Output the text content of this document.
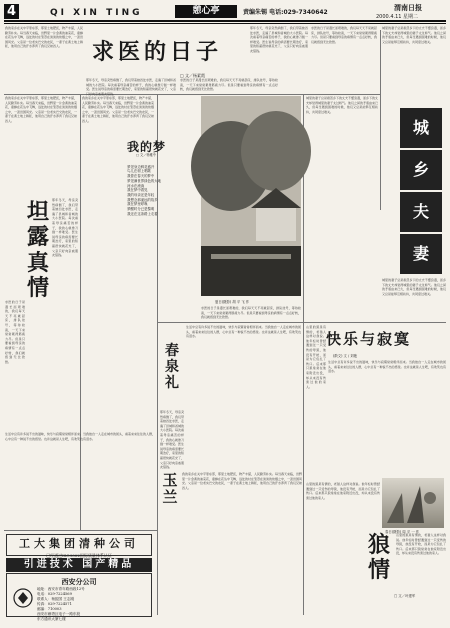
4	QI XIN TING	憩心亭	责编朱锡 电话:029-7340642
渭南日报
2000.4.11 星期二
求医的日子
□ 文／杨素霞
我的家乡在关中平原东部，那里土地肥沃，物产丰富，人民勤劳朴实。每当春天来临，田野里一片金黄的油菜花，蜜蜂在花丛中飞舞，远处的村庄笼罩在淡淡的炊烟之中，一派田园风光。父亲是一位老实巴交的农民，一辈子在黄土地上耕耘，他用自己的汗水养育了我们兄妹四人。
那年冬天，母亲突然病倒了，我们带着她四处求医，走遍了县城和省城的大小医院。每次看着母亲痛苦的样子，我的心就像刀割一样难受。医生说母亲的病需要长期治疗，家里的积蓄很快就花光了，父亲只好向亲戚朋友借钱。
求医的日子是漫长而艰难的，我们每天天不亮就起床，排队挂号，等待检查，一天下来常常累得筋疲力尽。但是只要看到母亲的病情有一点点好转，我们就感到无比欣慰。
那年冬天，母亲突然病倒了，我们带着她四处求医，走遍了县城和省城的大小医院。每次看着母亲痛苦的样子，我的心就像刀割一样难受。医生说母亲的病需要长期治疗，家里的积蓄很快就花光了，父亲只好向亲戚朋友借钱。
求医的日子是漫长而艰难的，我们每天天不亮就起床，排队挂号，等待检查，一天下来常常累得筋疲力尽。但是只要看到母亲的病情有一点点好转，我们就感到无比欣慰。
城
乡
夫
妻
城里的妻子总是抱怨乡下的丈夫不懂浪漫，而乡下的丈夫却觉得城里的妻子太过娇气。他们之间的矛盾由来已久，但每当遇到困难的时候，他们又总是能够互相扶持，共同度过难关。
城里的妻子总是抱怨乡下的丈夫不懂浪漫，而乡下的丈夫却觉得城里的妻子太过娇气。他们之间的矛盾由来已久，但每当遇到困难的时候，他们又总是能够互相扶持，共同度过难关。
城里的妻子总是抱怨乡下的丈夫不懂浪漫，而乡下的丈夫却觉得城里的妻子太过娇气。他们之间的矛盾由来已久，但每当遇到困难的时候，他们又总是能够互相扶持，共同度过难关。
坦露真情
我的家乡在关中平原东部，那里土地肥沃，物产丰富，人民勤劳朴实。每当春天来临，田野里一片金黄的油菜花，蜜蜂在花丛中飞舞，远处的村庄笼罩在淡淡的炊烟之中，一派田园风光。父亲是一位老实巴交的农民，一辈子在黄土地上耕耘，他用自己的汗水养育了我们兄妹四人。
那年冬天，母亲突然病倒了，我们带着她四处求医，走遍了县城和省城的大小医院。每次看着母亲痛苦的样子，我的心就像刀割一样难受。医生说母亲的病需要长期治疗，家里的积蓄很快就花光了，父亲只好向亲戚朋友借钱。
求医的日子是漫长而艰难的，我们每天天不亮就起床，排队挂号，等待检查，一天下来常常累得筋疲力尽。但是只要看到母亲的病情有一点点好转，我们就感到无比欣慰。
我的家乡在关中平原东部，那里土地肥沃，物产丰富，人民勤劳朴实。每当春天来临，田野里一片金黄的油菜花，蜜蜂在花丛中飞舞，远处的村庄笼罩在淡淡的炊烟之中，一派田园风光。父亲是一位老实巴交的农民，一辈子在黄土地上耕耘，他用自己的汗水养育了我们兄妹四人。
生活中总有许多说不出的滋味，快乐与寂寞常常相伴而来。当我独自一人走在城市的街头，看着来来往往的人群，心中总有一种说不出的感觉。也许这就是人生吧，有欢笑也有泪水。
我的梦
□ 文／杨雅中

梦见身边鲜花盛开
鸟儿在树上唱歌
我曾在春天的梦中
梦见满世界绿色的大地
河水在流淌
我在梦中看见
我的母亲还是年轻
我想念那遥远的故乡
我在梦里呼唤
梦醒时分已是黎明
我还在这条路上走着

夏日(摄影) 胡 平 飞 作
求医的日子是漫长而艰难的，我们每天天不亮就起床，排队挂号，等待检查，一天下来常常累得筋疲力尽。但是只要看到母亲的病情有一点点好转，我们就感到无比欣慰。
春泉礼
生活中总有许多说不出的滋味，快乐与寂寞常常相伴而来。当我独自一人走在城市的街头，看着来来往往的人群，心中总有一种说不出的感觉。也许这就是人生吧，有欢笑也有泪水。
那年冬天，母亲突然病倒了，我们带着她四处求医，走遍了县城和省城的大小医院。每次看着母亲痛苦的样子，我的心就像刀割一样难受。医生说母亲的病需要长期治疗，家里的积蓄很快就花光了，父亲只好向亲戚朋友借钱。
玉兰
我的家乡在关中平原东部，那里土地肥沃，物产丰富，人民勤劳朴实。每当春天来临，田野里一片金黄的油菜花，蜜蜂在花丛中飞舞，远处的村庄笼罩在淡淡的炊烟之中，一派田园风光。父亲是一位老实巴交的农民，一辈子在黄土地上耕耘，他用自己的汗水养育了我们兄妹四人。
山里的狼是有情的，老猎人这样对我说。他年轻时曾经遇到过一只受伤的母狼，他没有开枪，而是为它包扎了伤口。后来那只狼常常在他家附近出没，却从来没有伤害过他的家人。
快乐与寂寞
(散文) 文 / 刘艳
生活中总有许多说不出的滋味，快乐与寂寞常常相伴而来。当我独自一人走在城市的街头，看着来来往往的人群，心中总有一种说不出的感觉。也许这就是人生吧，有欢笑也有泪水。
春日(摄影) 周 平 一 作
狼情
□ 文／叶建军
山里的狼是有情的，老猎人这样对我说。他年轻时曾经遇到过一只受伤的母狼，他没有开枪，而是为它包扎了伤口。后来那只狼常常在他家附近出没，却从来没有伤害过他的家人。
山里的狼是有情的，老猎人这样对我说。他年轻时曾经遇到过一只受伤的母狼，他没有开枪，而是为它包扎了伤口。后来那只狼常常在他家附近出没，却从来没有伤害过他的家人。
工大集团清种公司
已经通过ISO9002国际质量体系认证
引进技术 国产精品
西安分公司
地址：西安市青年路西段12号
电话：029-7224569
联系人：杨振国 王志刚
传真：029-7224571
邮编：710003
西安市雁塔区电子一路东段
东方通讯大厦七楼
